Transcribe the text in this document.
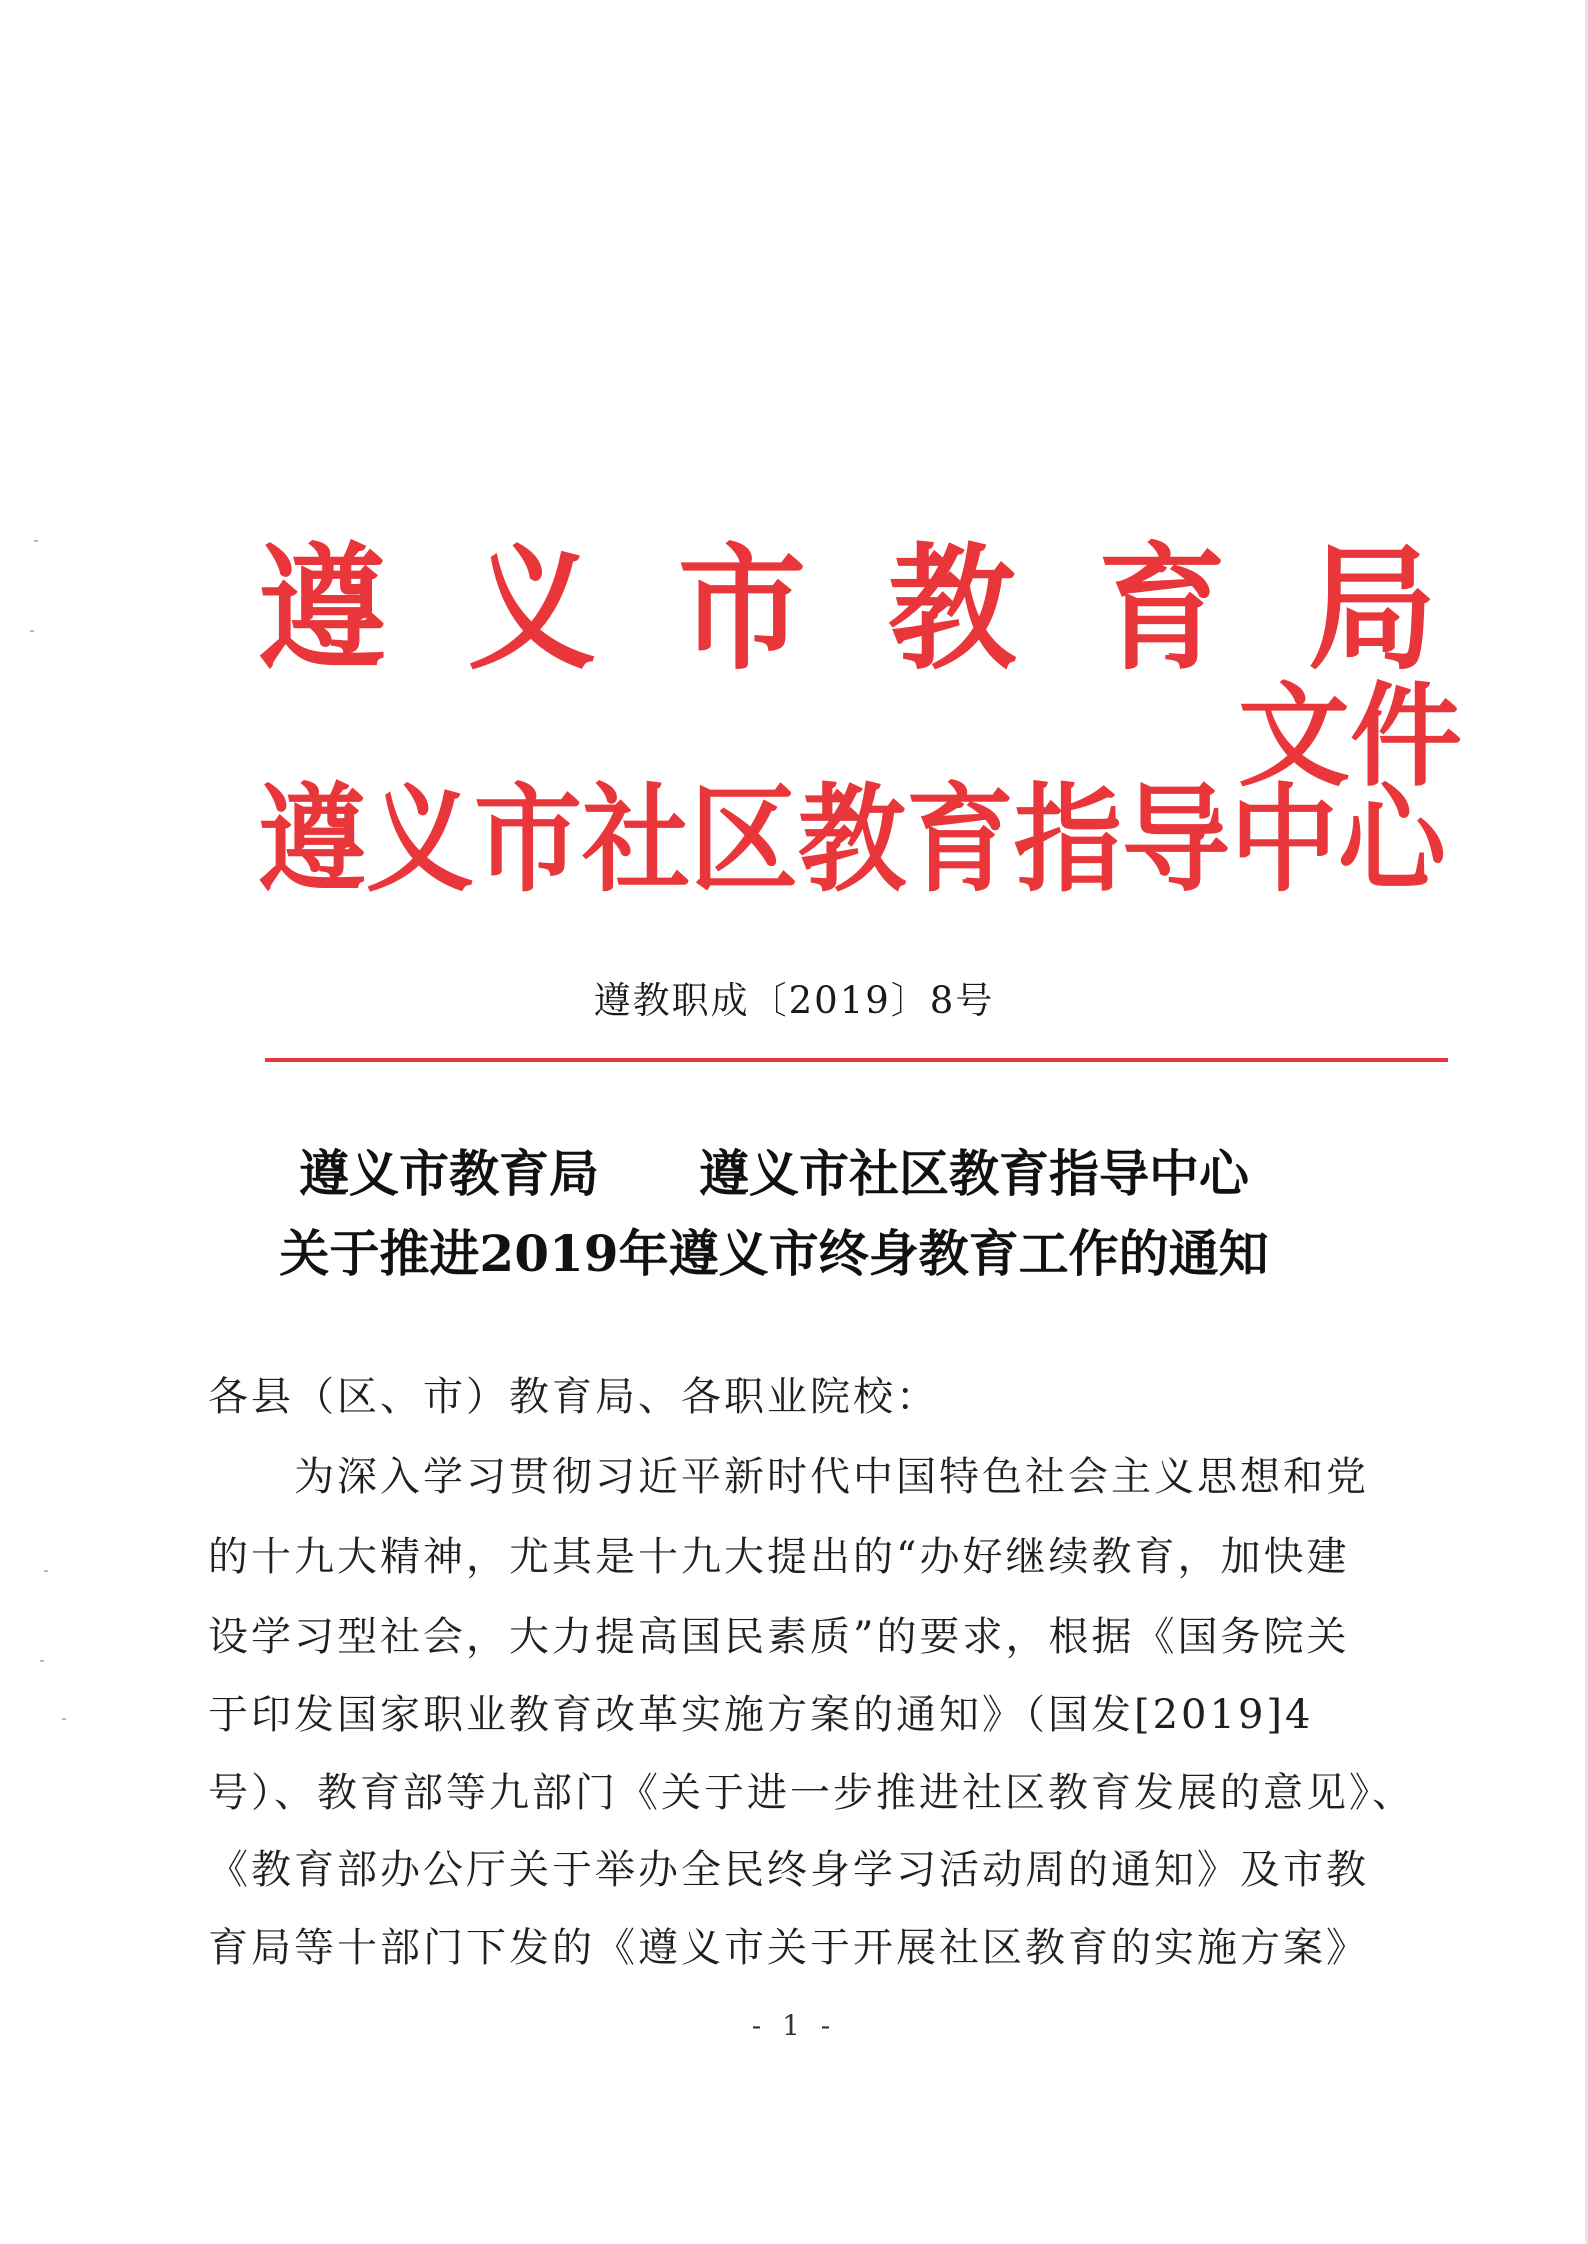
遵义市教育局
文件
遵义市社区教育指导中心
遵教职成〔2019〕8号
遵义市教育局　　遵义市社区教育指导中心
关于推进2019年遵义市终身教育工作的通知
各县（区、市）教育局、各职业院校：
　　为深入学习贯彻习近平新时代中国特色社会主义思想和党
的十九大精神，尤其是十九大提出的“办好继续教育，加快建
设学习型社会，大力提高国民素质”的要求，根据《国务院关
于印发国家职业教育改革实施方案的通知》（国发[2019]4
号）、教育部等九部门《关于进一步推进社区教育发展的意见》、
《教育部办公厅关于举办全民终身学习活动周的通知》及市教
育局等十部门下发的《遵义市关于开展社区教育的实施方案》
- 1 -
